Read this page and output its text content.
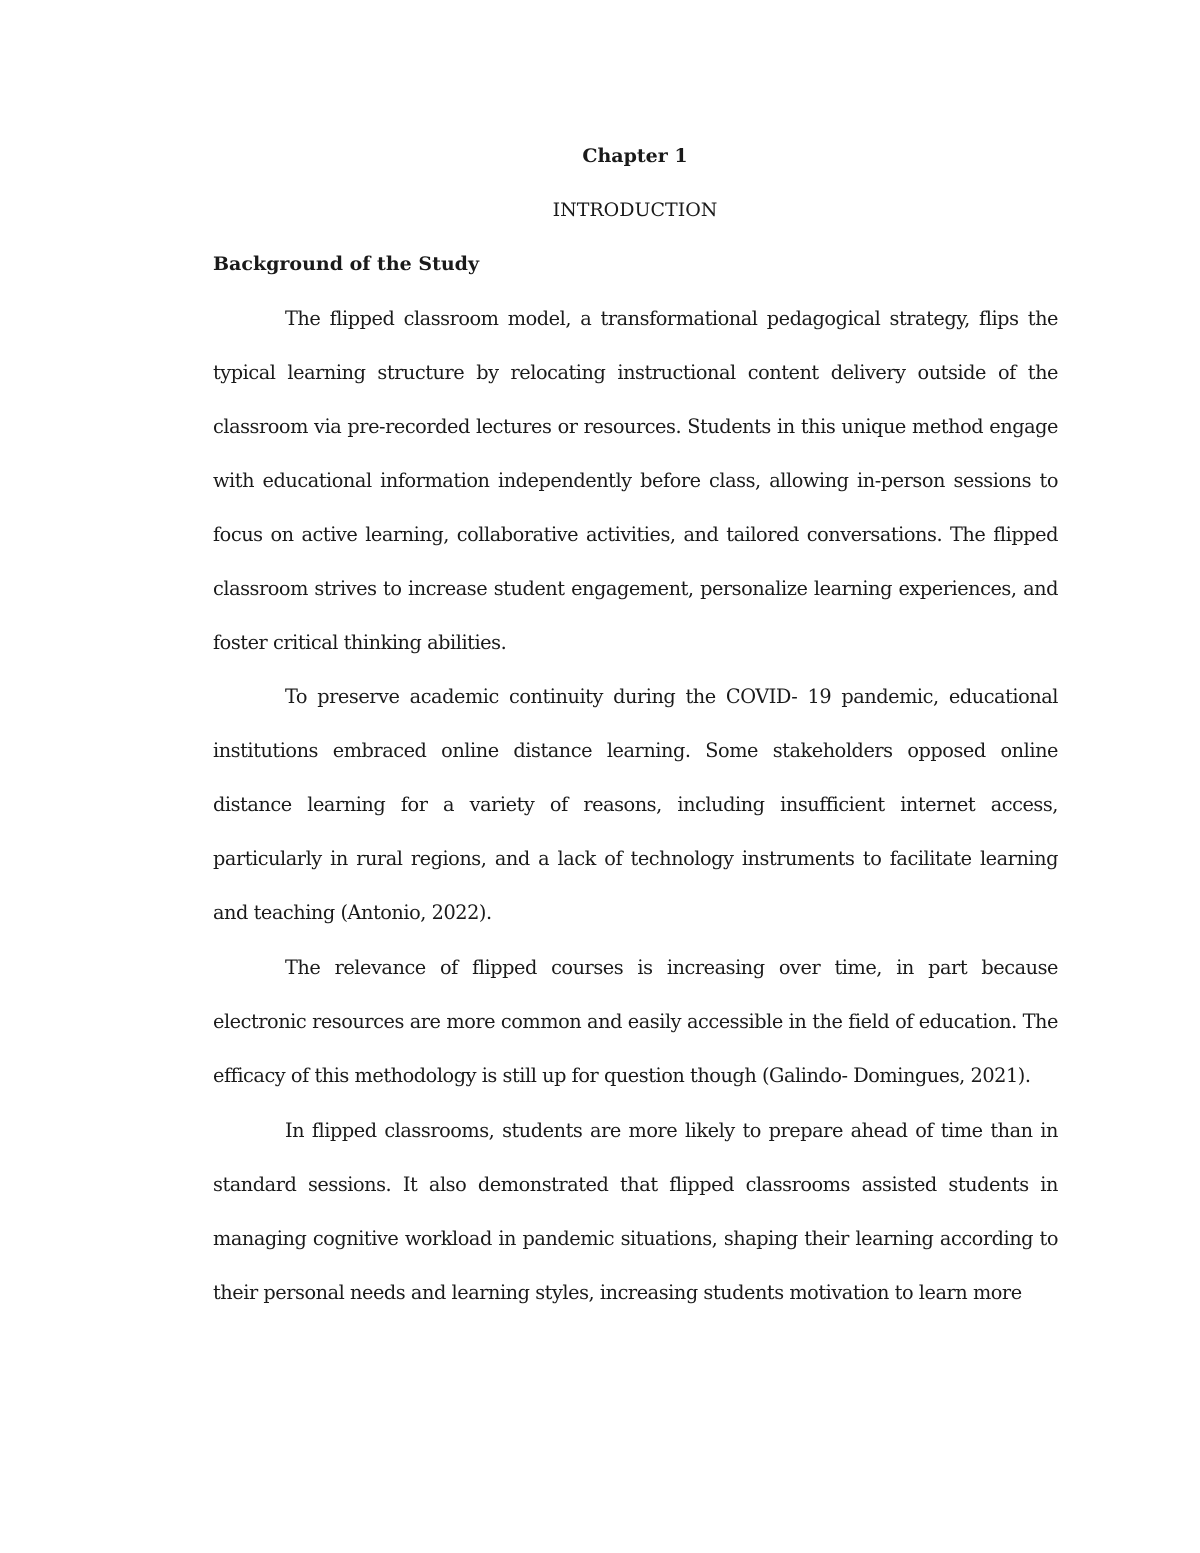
Chapter 1
INTRODUCTION
Background of the Study

The flipped classroom model, a transformational pedagogical strategy, flips the typical learning structure by relocating instructional content delivery outside of the classroom via pre-recorded lectures or resources. Students in this unique method engage with educational information independently before class, allowing in-person sessions to focus on active learning, collaborative activities, and tailored conversations. The flipped classroom strives to increase student engagement, personalize learning experiences, and foster critical thinking abilities.

To preserve academic continuity during the COVID- 19 pandemic, educational institutions embraced online distance learning. Some stakeholders opposed online distance learning for a variety of reasons, including insufficient internet access, particularly in rural regions, and a lack of technology instruments to facilitate learning and teaching (Antonio, 2022).

The relevance of flipped courses is increasing over time, in part because electronic resources are more common and easily accessible in the field of education. The efficacy of this methodology is still up for question though (Galindo- Domingues, 2021).

In flipped classrooms, students are more likely to prepare ahead of time than in standard sessions. It also demonstrated that flipped classrooms assisted students in managing cognitive workload in pandemic situations, shaping their learning according to their personal needs and learning styles, increasing students motivation to learn more
